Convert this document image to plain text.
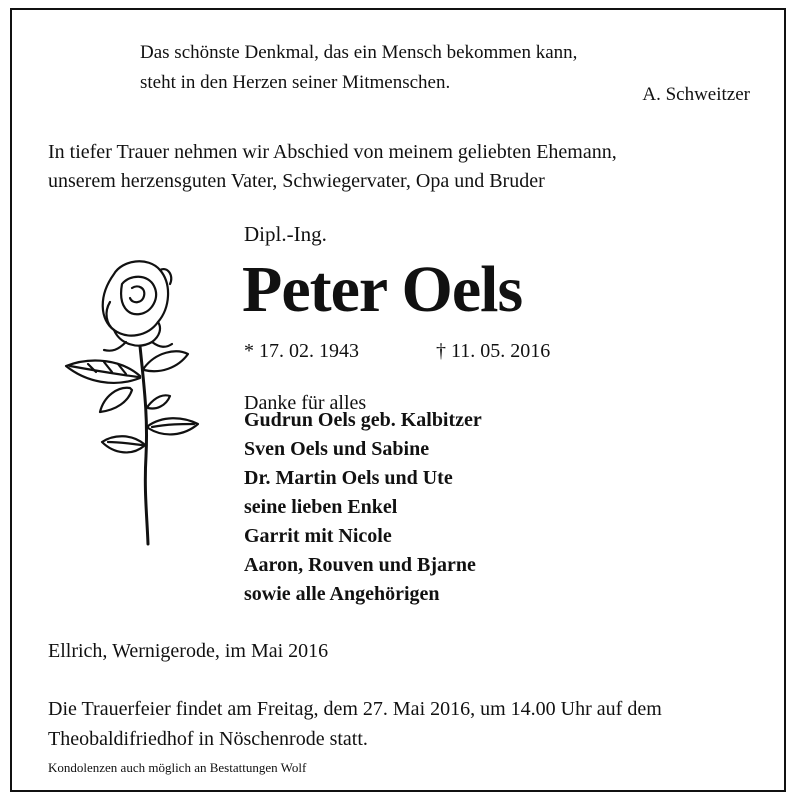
Das schönste Denkmal, das ein Mensch bekommen kann,
steht in den Herzen seiner Mitmenschen.
A. Schweitzer
In tiefer Trauer nehmen wir Abschied von meinem geliebten Ehemann,
unserem herzensguten Vater, Schwiegervater, Opa und Bruder
Dipl.-Ing.
Peter Oels
* 17. 02. 1943	† 11. 05. 2016
Danke für alles
Gudrun Oels geb. Kalbitzer
Sven Oels und Sabine
Dr. Martin Oels und Ute
seine lieben Enkel
Garrit mit Nicole
Aaron, Rouven und Bjarne
sowie alle Angehörigen
Ellrich, Wernigerode, im Mai 2016
Die Trauerfeier findet am Freitag, dem 27. Mai 2016, um 14.00 Uhr auf dem
Theobaldifriedhof in Nöschenrode statt.
Kondolenzen auch möglich an Bestattungen Wolf
